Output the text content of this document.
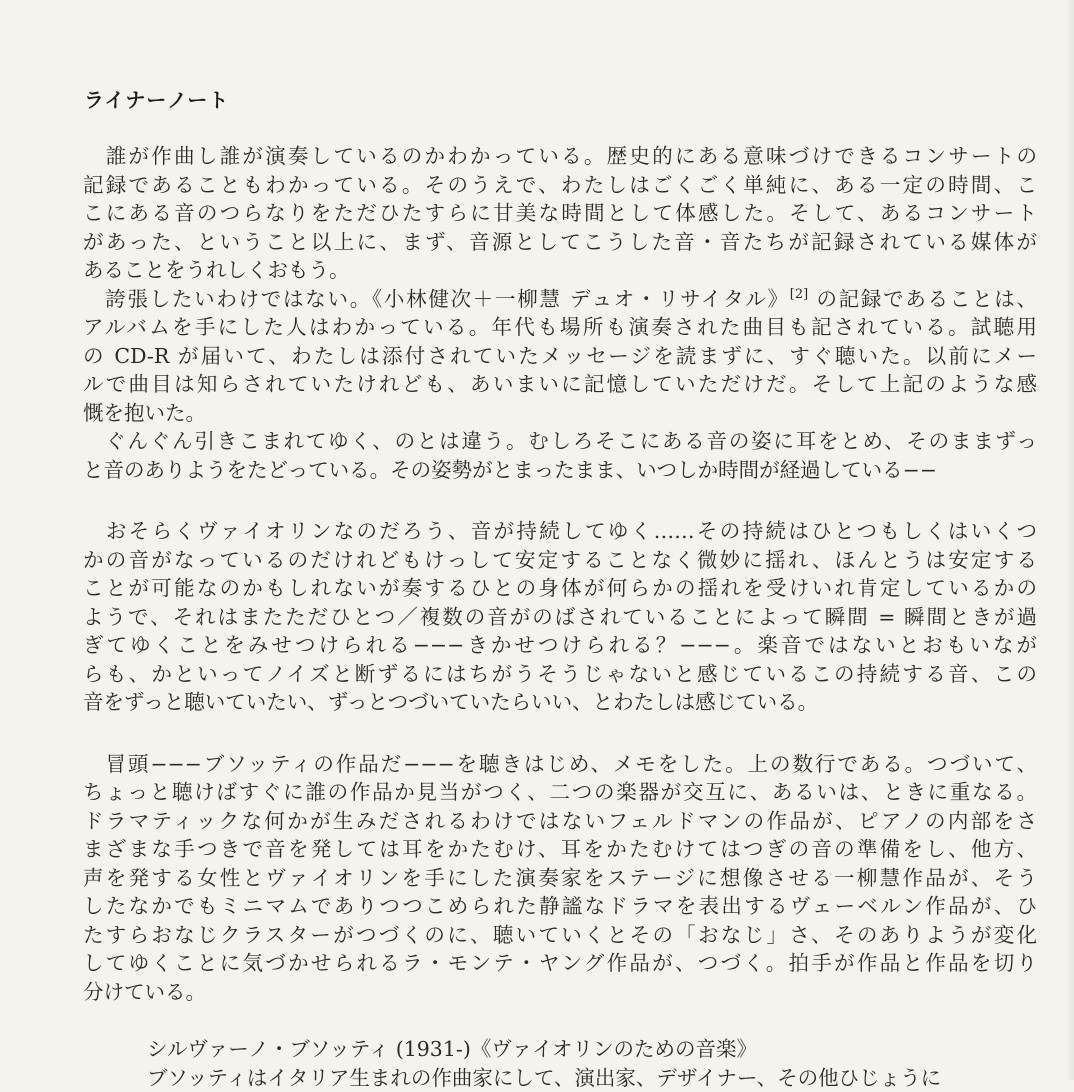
ライナーノート
　誰が作曲し誰が演奏しているのかわかっている。歴史的にある意味づけできるコンサートの
記録であることもわかっている。そのうえで、わたしはごくごく単純に、ある一定の時間、こ
こにある音のつらなりをただひたすらに甘美な時間として体感した。そして、あるコンサート
があった、ということ以上に、まず、音源としてこうした音・音たちが記録されている媒体が
あることをうれしくおもう。
　誇張したいわけではない。《小林健次＋一柳慧 デュオ・リサイタル》[2] の記録であることは、
アルバムを手にした人はわかっている。年代も場所も演奏された曲目も記されている。試聴用
の CD-R が届いて、わたしは添付されていたメッセージを読まずに、すぐ聴いた。以前にメー
ルで曲目は知らされていたけれども、あいまいに記憶していただけだ。そして上記のような感
慨を抱いた。
　ぐんぐん引きこまれてゆく、のとは違う。むしろそこにある音の姿に耳をとめ、そのままずっ
と音のありようをたどっている。その姿勢がとまったまま、いつしか時間が経過している−−
　おそらくヴァイオリンなのだろう、音が持続してゆく……その持続はひとつもしくはいくつ
かの音がなっているのだけれどもけっして安定することなく微妙に揺れ、ほんとうは安定する
ことが可能なのかもしれないが奏するひとの身体が何らかの揺れを受けいれ肯定しているかの
ようで、それはまたただひとつ／複数の音がのばされていることによって瞬間 = 瞬間ときが過
ぎてゆくことをみせつけられる−−−きかせつけられる？−−−。楽音ではないとおもいなが
らも、かといってノイズと断ずるにはちがうそうじゃないと感じているこの持続する音、この
音をずっと聴いていたい、ずっとつづいていたらいい、とわたしは感じている。
　冒頭−−−ブソッティの作品だ−−−を聴きはじめ、メモをした。上の数行である。つづいて、
ちょっと聴けばすぐに誰の作品か見当がつく、二つの楽器が交互に、あるいは、ときに重なる。
ドラマティックな何かが生みだされるわけではないフェルドマンの作品が、ピアノの内部をさ
まざまな手つきで音を発しては耳をかたむけ、耳をかたむけてはつぎの音の準備をし、他方、
声を発する女性とヴァイオリンを手にした演奏家をステージに想像させる一柳慧作品が、そう
したなかでもミニマムでありつつこめられた静謐なドラマを表出するヴェーベルン作品が、ひ
たすらおなじクラスターがつづくのに、聴いていくとその「おなじ」さ、そのありようが変化
してゆくことに気づかせられるラ・モンテ・ヤング作品が、つづく。拍手が作品と作品を切り
分けている。
シルヴァーノ・ブソッティ (1931-)《ヴァイオリンのための音楽》
ブソッティはイタリア生まれの作曲家にして、演出家、デザイナー、その他ひじょうに
